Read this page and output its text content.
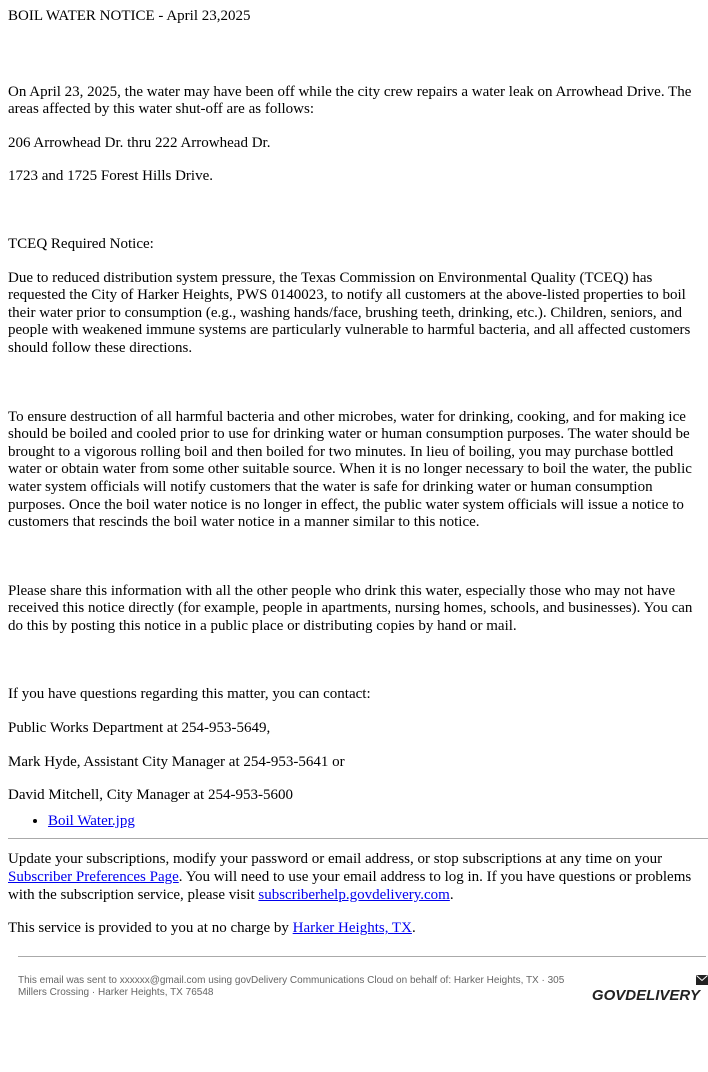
BOIL WATER NOTICE - April 23,2025

On April 23, 2025, the water may have been off while the city crew repairs a water leak on Arrowhead Drive. The areas affected by this water shut-off are as follows:

206 Arrowhead Dr. thru 222 Arrowhead Dr.

1723 and 1725 Forest Hills Drive.

TCEQ Required Notice:

Due to reduced distribution system pressure, the Texas Commission on Environmental Quality (TCEQ) has requested the City of Harker Heights, PWS 0140023, to notify all customers at the above-listed properties to boil their water prior to consumption (e.g., washing hands/face, brushing teeth, drinking, etc.). Children, seniors, and people with weakened immune systems are particularly vulnerable to harmful bacteria, and all affected customers should follow these directions.

To ensure destruction of all harmful bacteria and other microbes, water for drinking, cooking, and for making ice should be boiled and cooled prior to use for drinking water or human consumption purposes. The water should be brought to a vigorous rolling boil and then boiled for two minutes. In lieu of boiling, you may purchase bottled water or obtain water from some other suitable source. When it is no longer necessary to boil the water, the public water system officials will notify customers that the water is safe for drinking water or human consumption purposes. Once the boil water notice is no longer in effect, the public water system officials will issue a notice to customers that rescinds the boil water notice in a manner similar to this notice.

Please share this information with all the other people who drink this water, especially those who may not have received this notice directly (for example, people in apartments, nursing homes, schools, and businesses). You can do this by posting this notice in a public place or distributing copies by hand or mail.

If you have questions regarding this matter, you can contact:

Public Works Department at 254-953-5649,

Mark Hyde, Assistant City Manager at 254-953-5641 or

David Mitchell, City Manager at 254-953-5600

• Boil Water.jpg

Update your subscriptions, modify your password or email address, or stop subscriptions at any time on your Subscriber Preferences Page. You will need to use your email address to log in. If you have questions or problems with the subscription service, please visit subscriberhelp.govdelivery.com.

This service is provided to you at no charge by Harker Heights, TX.

This email was sent to xxxxxx@gmail.com using govDelivery Communications Cloud on behalf of: Harker Heights, TX · 305 Millers Crossing · Harker Heights, TX 76548	GOVDELIVERY
